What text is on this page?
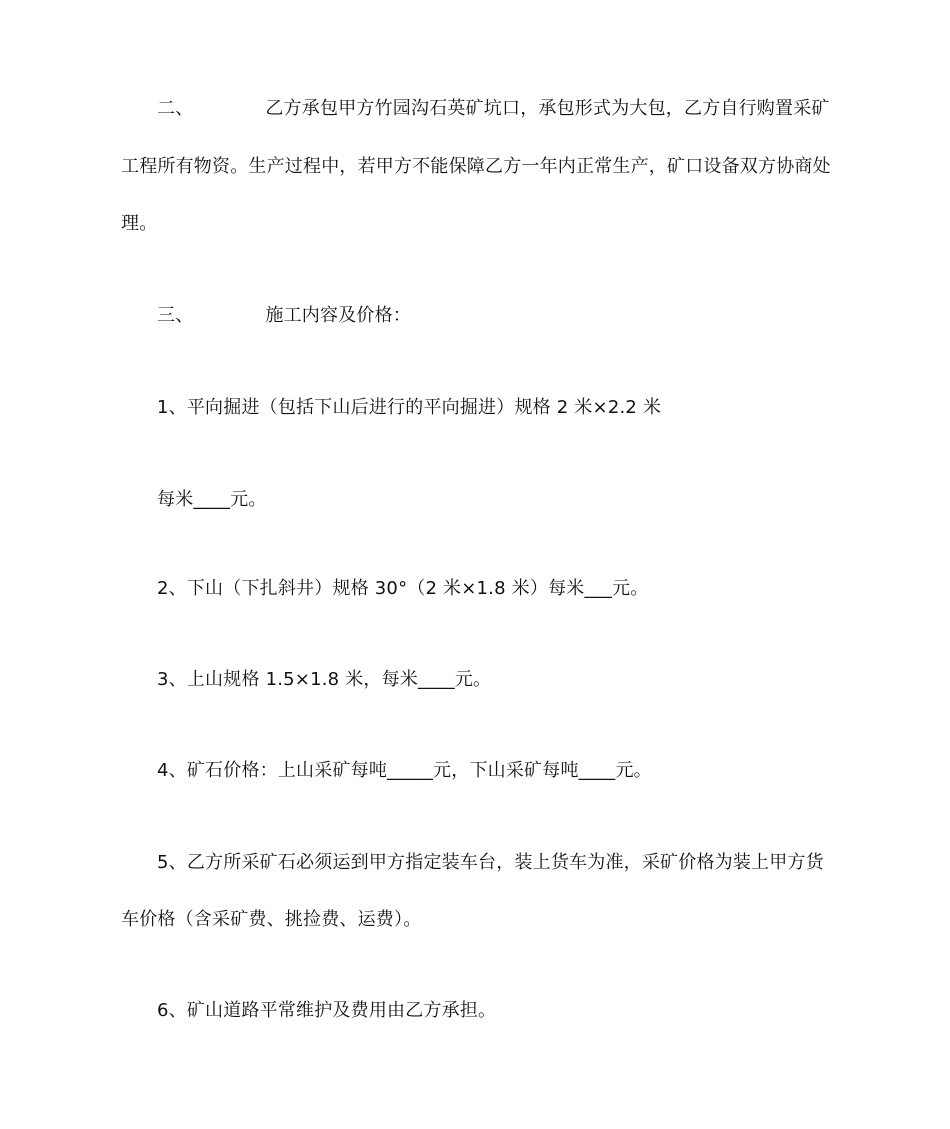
二、	乙方承包甲方竹园沟石英矿坑口，承包形式为大包，乙方自行购置采矿
工程所有物资。生产过程中，若甲方不能保障乙方一年内正常生产，矿口设备双方协商处
理。
三、	施工内容及价格：
1、平向掘进（包括下山后进行的平向掘进）规格 2 米×2.2 米
每米____元。
2、下山（下扎斜井）规格 30°（2 米×1.8 米）每米___元。
3、上山规格 1.5×1.8 米，每米____元。
4、矿石价格：上山采矿每吨_____元，下山采矿每吨____元。
5、乙方所采矿石必须运到甲方指定装车台，装上货车为准，采矿价格为装上甲方货
车价格（含采矿费、挑捡费、运费）。
6、矿山道路平常维护及费用由乙方承担。
